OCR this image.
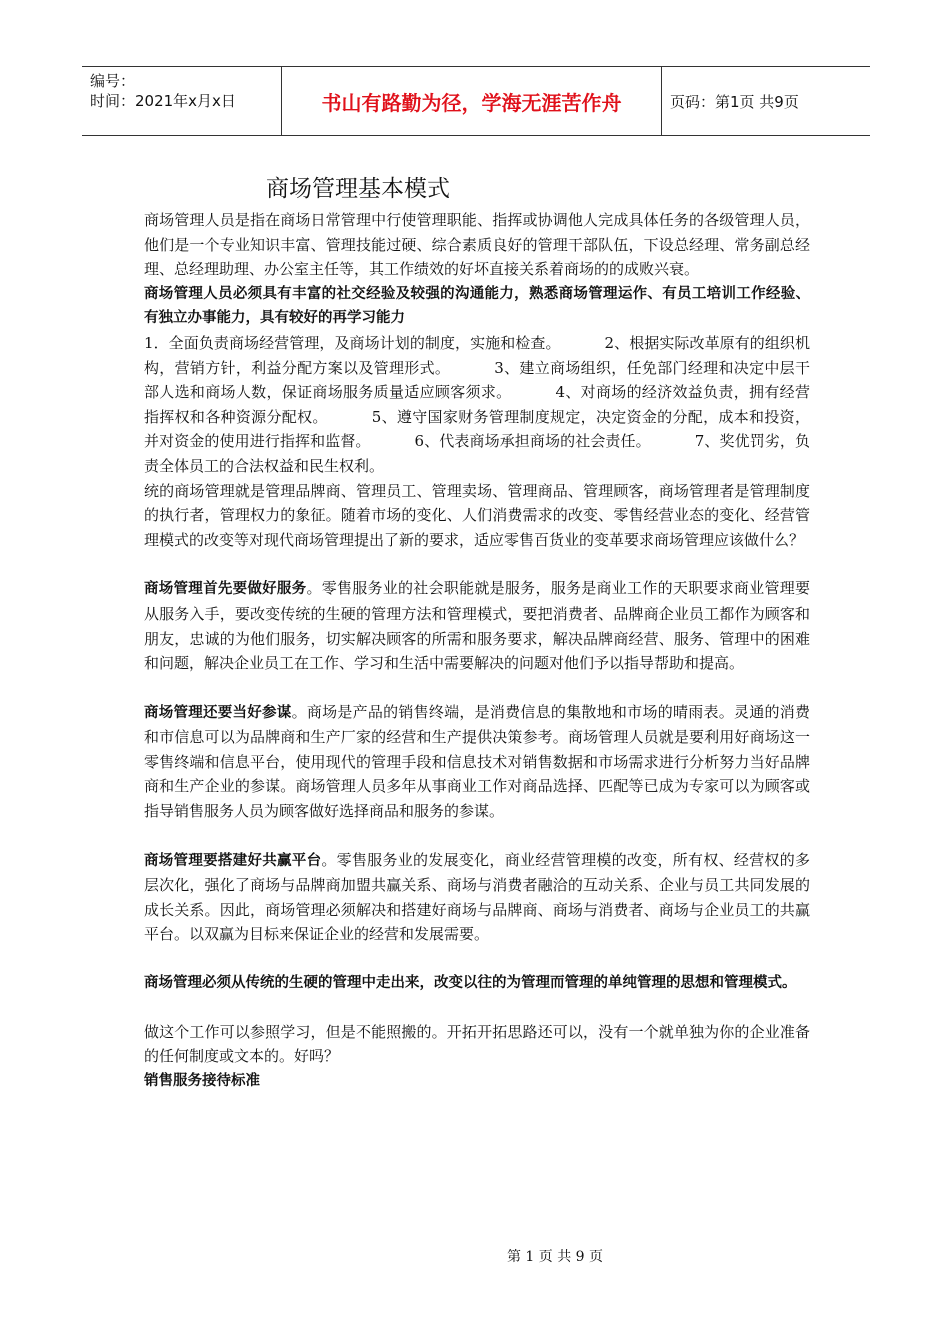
编号：
时间：2021年x月x日	书山有路勤为径，学海无涯苦作舟	页码：第1页 共9页
商场管理基本模式

商场管理人员是指在商场日常管理中行使管理职能、指挥或协调他人完成具体任务的各级管理人员，他们是一个专业知识丰富、管理技能过硬、综合素质良好的管理干部队伍，下设总经理、常务副总经理、总经理助理、办公室主任等，其工作绩效的好坏直接关系着商场的的成败兴衰。

商场管理人员必须具有丰富的社交经验及较强的沟通能力，熟悉商场管理运作、有员工培训工作经验、有独立办事能力，具有较好的再学习能力

1．全面负责商场经营管理，及商场计划的制度，实施和检查。	2、根据实际改革原有的组织机构，营销方针，利益分配方案以及管理形式。	3、建立商场组织，任免部门经理和决定中层干部人选和商场人数，保证商场服务质量适应顾客须求。	4、对商场的经济效益负责，拥有经营指挥权和各种资源分配权。	5、遵守国家财务管理制度规定，决定资金的分配，成本和投资，并对资金的使用进行指挥和监督。	6、代表商场承担商场的社会责任。	7、奖优罚劣，负责全体员工的合法权益和民生权利。

统的商场管理就是管理品牌商、管理员工、管理卖场、管理商品、管理顾客，商场管理者是管理制度的执行者，管理权力的象征。随着市场的变化、人们消费需求的改变、零售经营业态的变化、经营管理模式的改变等对现代商场管理提出了新的要求，适应零售百货业的变革要求商场管理应该做什么？

商场管理首先要做好服务。零售服务业的社会职能就是服务，服务是商业工作的天职要求商业管理要从服务入手，要改变传统的生硬的管理方法和管理模式，要把消费者、品牌商企业员工都作为顾客和朋友，忠诚的为他们服务，切实解决顾客的所需和服务要求，解决品牌商经营、服务、管理中的困难和问题，解决企业员工在工作、学习和生活中需要解决的问题对他们予以指导帮助和提高。

商场管理还要当好参谋。商场是产品的销售终端，是消费信息的集散地和市场的晴雨表。灵通的消费和市信息可以为品牌商和生产厂家的经营和生产提供决策参考。商场管理人员就是要利用好商场这一零售终端和信息平台，使用现代的管理手段和信息技术对销售数据和市场需求进行分析努力当好品牌商和生产企业的参谋。商场管理人员多年从事商业工作对商品选择、匹配等已成为专家可以为顾客或指导销售服务人员为顾客做好选择商品和服务的参谋。

商场管理要搭建好共赢平台。零售服务业的发展变化，商业经营管理模的改变，所有权、经营权的多层次化，强化了商场与品牌商加盟共赢关系、商场与消费者融洽的互动关系、企业与员工共同发展的成长关系。因此，商场管理必须解决和搭建好商场与品牌商、商场与消费者、商场与企业员工的共赢平台。以双赢为目标来保证企业的经营和发展需要。

商场管理必须从传统的生硬的管理中走出来，改变以往的为管理而管理的单纯管理的思想和管理模式。

做这个工作可以参照学习，但是不能照搬的。开拓开拓思路还可以，没有一个就单独为你的企业准备的任何制度或文本的。好吗？

销售服务接待标准

第 1 页 共 9 页
